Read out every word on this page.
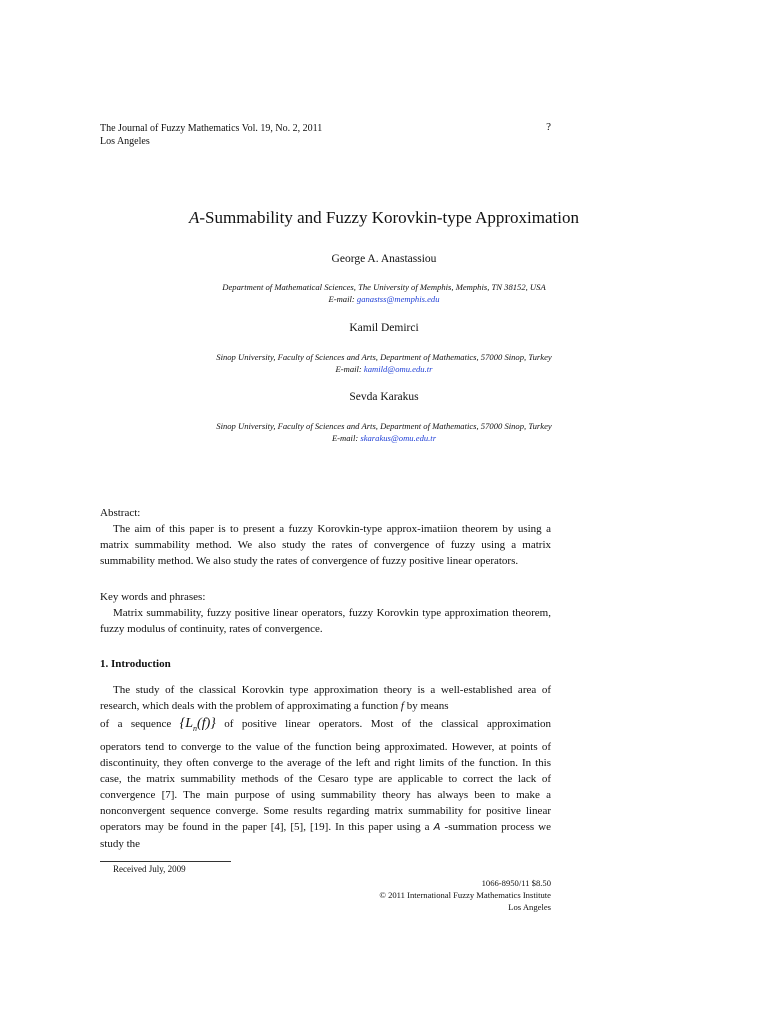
The Journal of Fuzzy Mathematics Vol. 19, No. 2, 2011
Los Angeles
?
A-Summability and Fuzzy Korovkin-type Approximation
George A. Anastassiou
Department of Mathematical Sciences, The University of Memphis, Memphis, TN 38152, USA
E-mail: ganastss@memphis.edu
Kamil Demirci
Sinop University, Faculty of Sciences and Arts, Department of Mathematics, 57000 Sinop, Turkey
E-mail: kamild@omu.edu.tr
Sevda Karakus
Sinop University, Faculty of Sciences and Arts, Department of Mathematics, 57000 Sinop, Turkey
E-mail: skarakus@omu.edu.tr
Abstract:
The aim of this paper is to present a fuzzy Korovkin-type approx-imatiion theorem by using a matrix summability method. We also study the rates of convergence of fuzzy using a matrix summability method. We also study the rates of convergence of fuzzy positive linear operators.
Key words and phrases:
Matrix summability, fuzzy positive linear operators, fuzzy Korovkin type approximation theorem, fuzzy modulus of continuity, rates of convergence.
1. Introduction
The study of the classical Korovkin type approximation theory is a well-established area of research, which deals with the problem of approximating a function f by means
of a sequence $\{L_n(f)\}$ of positive linear operators. Most of the classical approximation
operators tend to converge to the value of the function being approximated. However, at points of discontinuity, they often converge to the average of the left and right limits of the function. In this case, the matrix summability methods of the Cesaro type are applicable to correct the lack of convergence [7]. The main purpose of using summability theory has always been to make a nonconvergent sequence converge. Some results regarding matrix summability for positive linear operators may be found in the paper [4], [5], [19]. In this paper using a A -summation process we study the
Received July, 2009
1066-8950/11 $8.50
© 2011 International Fuzzy Mathematics Institute
Los Angeles
